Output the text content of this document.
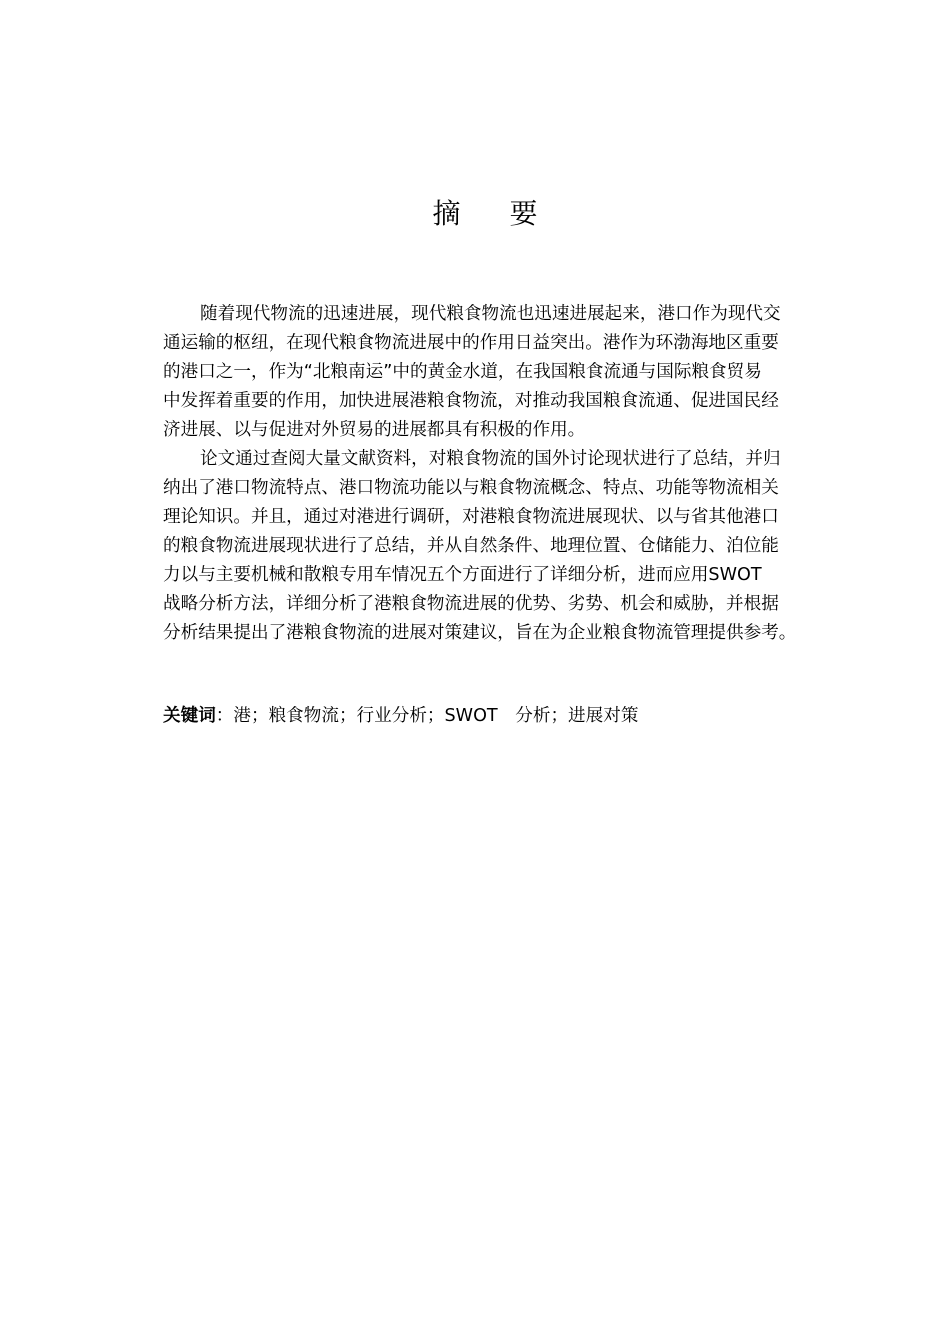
摘 要
随着现代物流的迅速进展，现代粮食物流也迅速进展起来，港口作为现代交
通运输的枢纽，在现代粮食物流进展中的作用日益突出。港作为环渤海地区重要
的港口之一，作为“北粮南运”中的黄金水道，在我国粮食流通与国际粮食贸易
中发挥着重要的作用，加快进展港粮食物流，对推动我国粮食流通、促进国民经
济进展、以与促进对外贸易的进展都具有积极的作用。
论文通过查阅大量文献资料，对粮食物流的国外讨论现状进行了总结，并归
纳出了港口物流特点、港口物流功能以与粮食物流概念、特点、功能等物流相关
理论知识。并且，通过对港进行调研，对港粮食物流进展现状、以与省其他港口
的粮食物流进展现状进行了总结，并从自然条件、地理位置、仓储能力、泊位能
力以与主要机械和散粮专用车情况五个方面进行了详细分析，进而应用SWOT
战略分析方法，详细分析了港粮食物流进展的优势、劣势、机会和威胁，并根据
分析结果提出了港粮食物流的进展对策建议，旨在为企业粮食物流管理提供参考。
关键词：港；粮食物流；行业分析；SWOT　分析；进展对策
